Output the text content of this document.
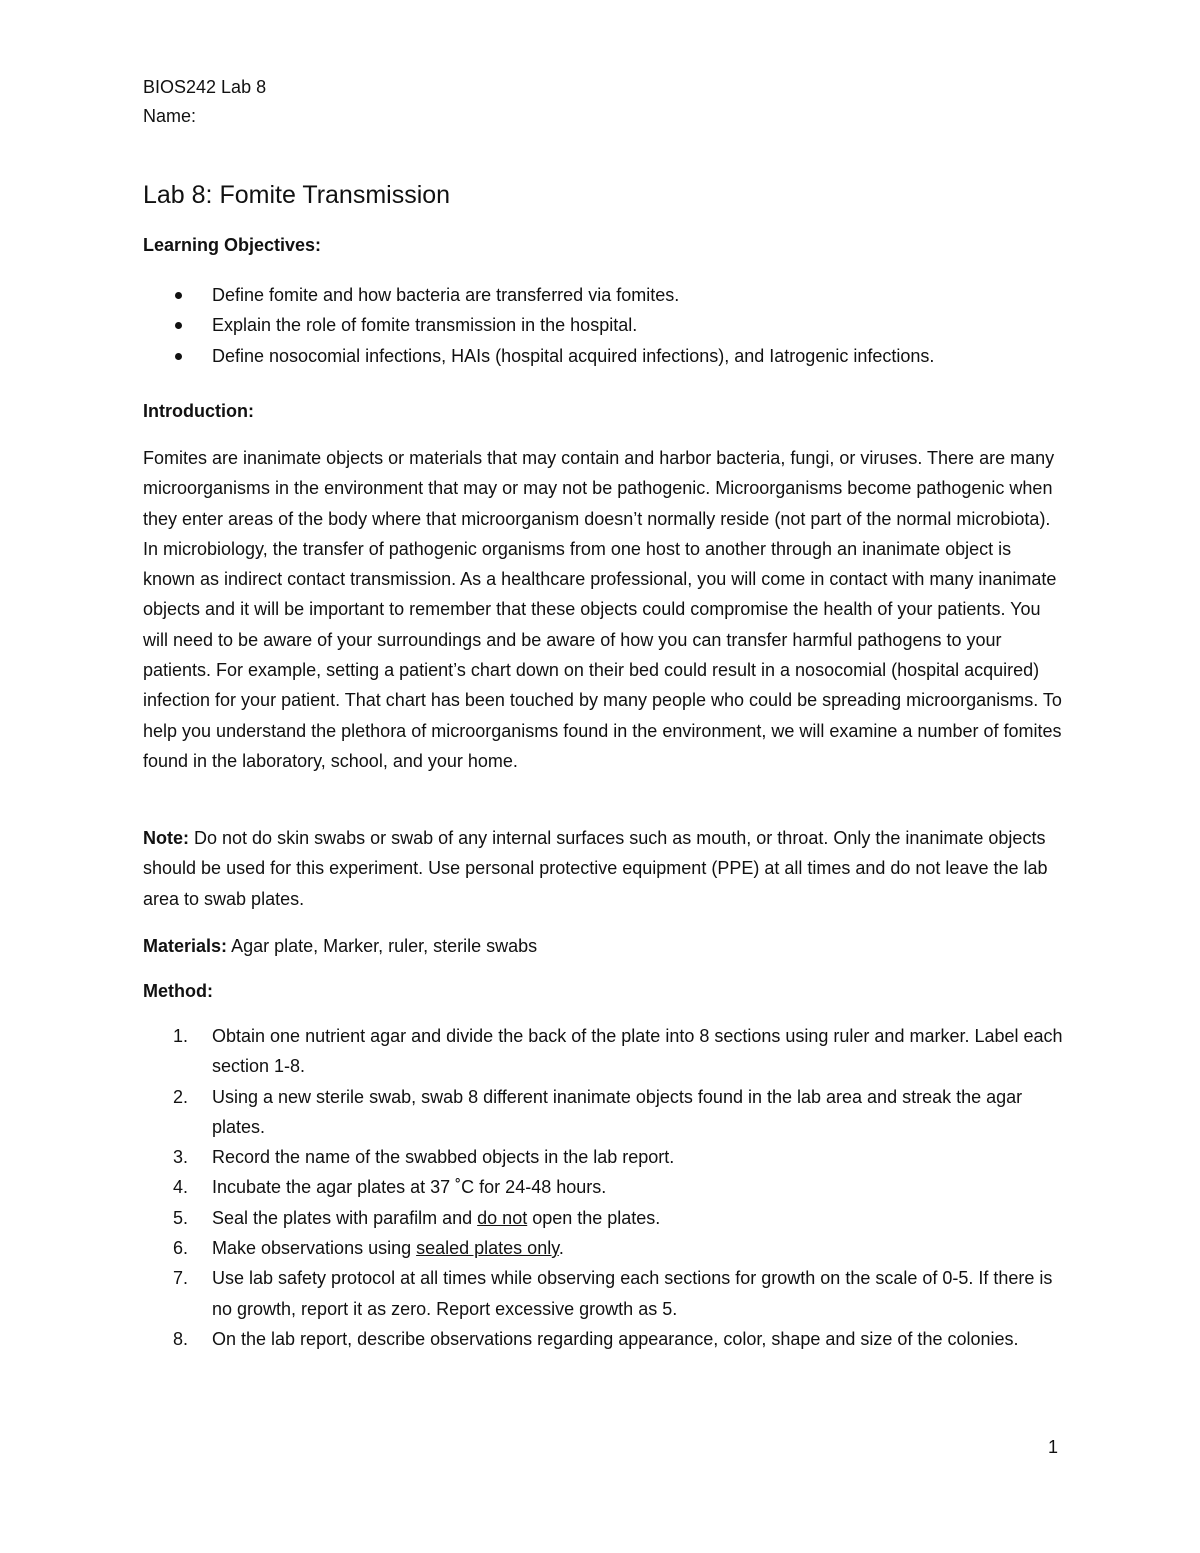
BIOS242 Lab 8
Name:
Lab 8: Fomite Transmission
Learning Objectives:
Define fomite and how bacteria are transferred via fomites.
Explain the role of fomite transmission in the hospital.
Define nosocomial infections, HAIs (hospital acquired infections), and Iatrogenic infections.
Introduction:

Fomites are inanimate objects or materials that may contain and harbor bacteria, fungi, or viruses. There are many microorganisms in the environment that may or may not be pathogenic. Microorganisms become pathogenic when they enter areas of the body where that microorganism doesn’t normally reside (not part of the normal microbiota). In microbiology, the transfer of pathogenic organisms from one host to another through an inanimate object is known as indirect contact transmission. As a healthcare professional, you will come in contact with many inanimate objects and it will be important to remember that these objects could compromise the health of your patients. You will need to be aware of your surroundings and be aware of how you can transfer harmful pathogens to your patients. For example, setting a patient’s chart down on their bed could result in a nosocomial (hospital acquired) infection for your patient. That chart has been touched by many people who could be spreading microorganisms. To help you understand the plethora of microorganisms found in the environment, we will examine a number of fomites found in the laboratory, school, and your home.

Note: Do not do skin swabs or swab of any internal surfaces such as mouth, or throat. Only the inanimate objects should be used for this experiment. Use personal protective equipment (PPE) at all times and do not leave the lab area to swab plates.

Materials: Agar plate, Marker, ruler, sterile swabs

Method:
1. Obtain one nutrient agar and divide the back of the plate into 8 sections using ruler and marker. Label each section 1-8.
2. Using a new sterile swab, swab 8 different inanimate objects found in the lab area and streak the agar plates.
3. Record the name of the swabbed objects in the lab report.
4. Incubate the agar plates at 37 ˚C for 24-48 hours.
5. Seal the plates with parafilm and do not open the plates.
6. Make observations using sealed plates only.
7. Use lab safety protocol at all times while observing each sections for growth on the scale of 0-5. If there is no growth, report it as zero. Report excessive growth as 5.
8. On the lab report, describe observations regarding appearance, color, shape and size of the colonies.
1
